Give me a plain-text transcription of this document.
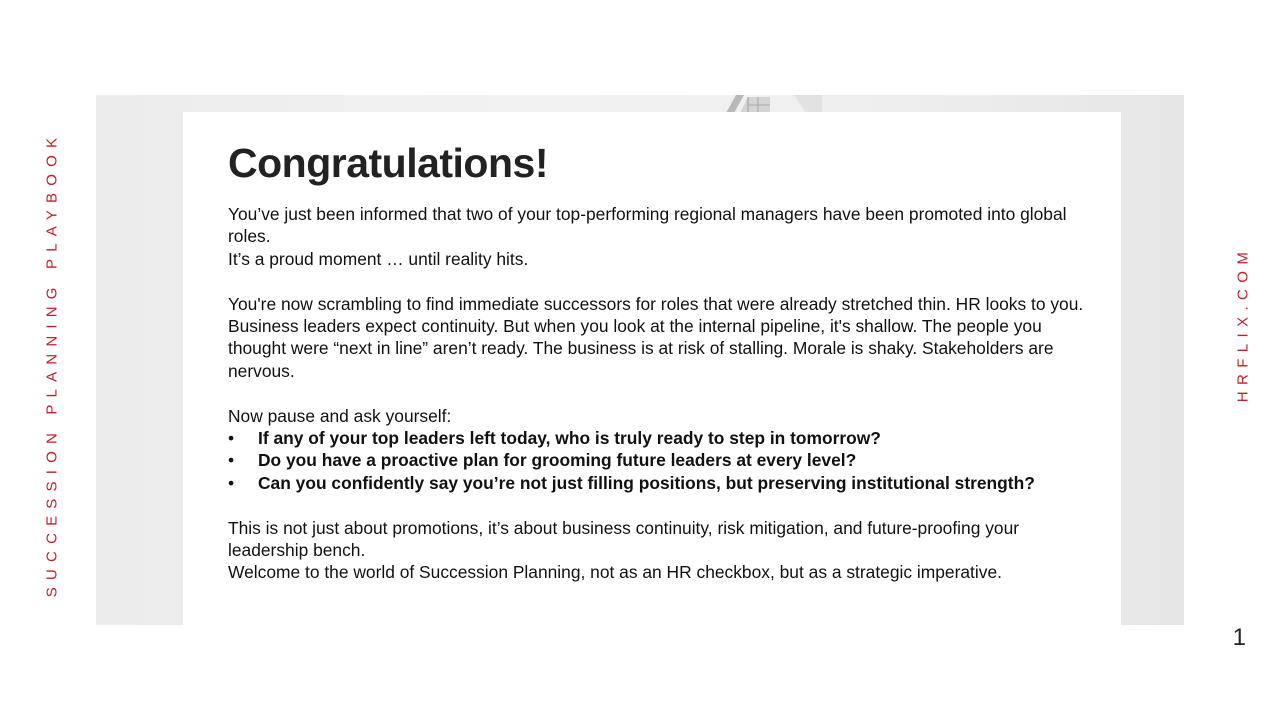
SUCCESSION PLANNING PLAYBOOK	HRFLIX.COM
Congratulations!

You’ve just been informed that two of your top-performing regional managers have been promoted into global roles.

It’s a proud moment … until reality hits.

You're now scrambling to find immediate successors for roles that were already stretched thin. HR looks to you. Business leaders expect continuity. But when you look at the internal pipeline, it's shallow. The people you thought were “next in line” aren’t ready. The business is at risk of stalling. Morale is shaky. Stakeholders are nervous.

Now pause and ask yourself:

• If any of your top leaders left today, who is truly ready to step in tomorrow?
• Do you have a proactive plan for grooming future leaders at every level?
• Can you confidently say you’re not just filling positions, but preserving institutional strength?

This is not just about promotions, it’s about business continuity, risk mitigation, and future-proofing your leadership bench.

Welcome to the world of Succession Planning, not as an HR checkbox, but as a strategic imperative.

1
